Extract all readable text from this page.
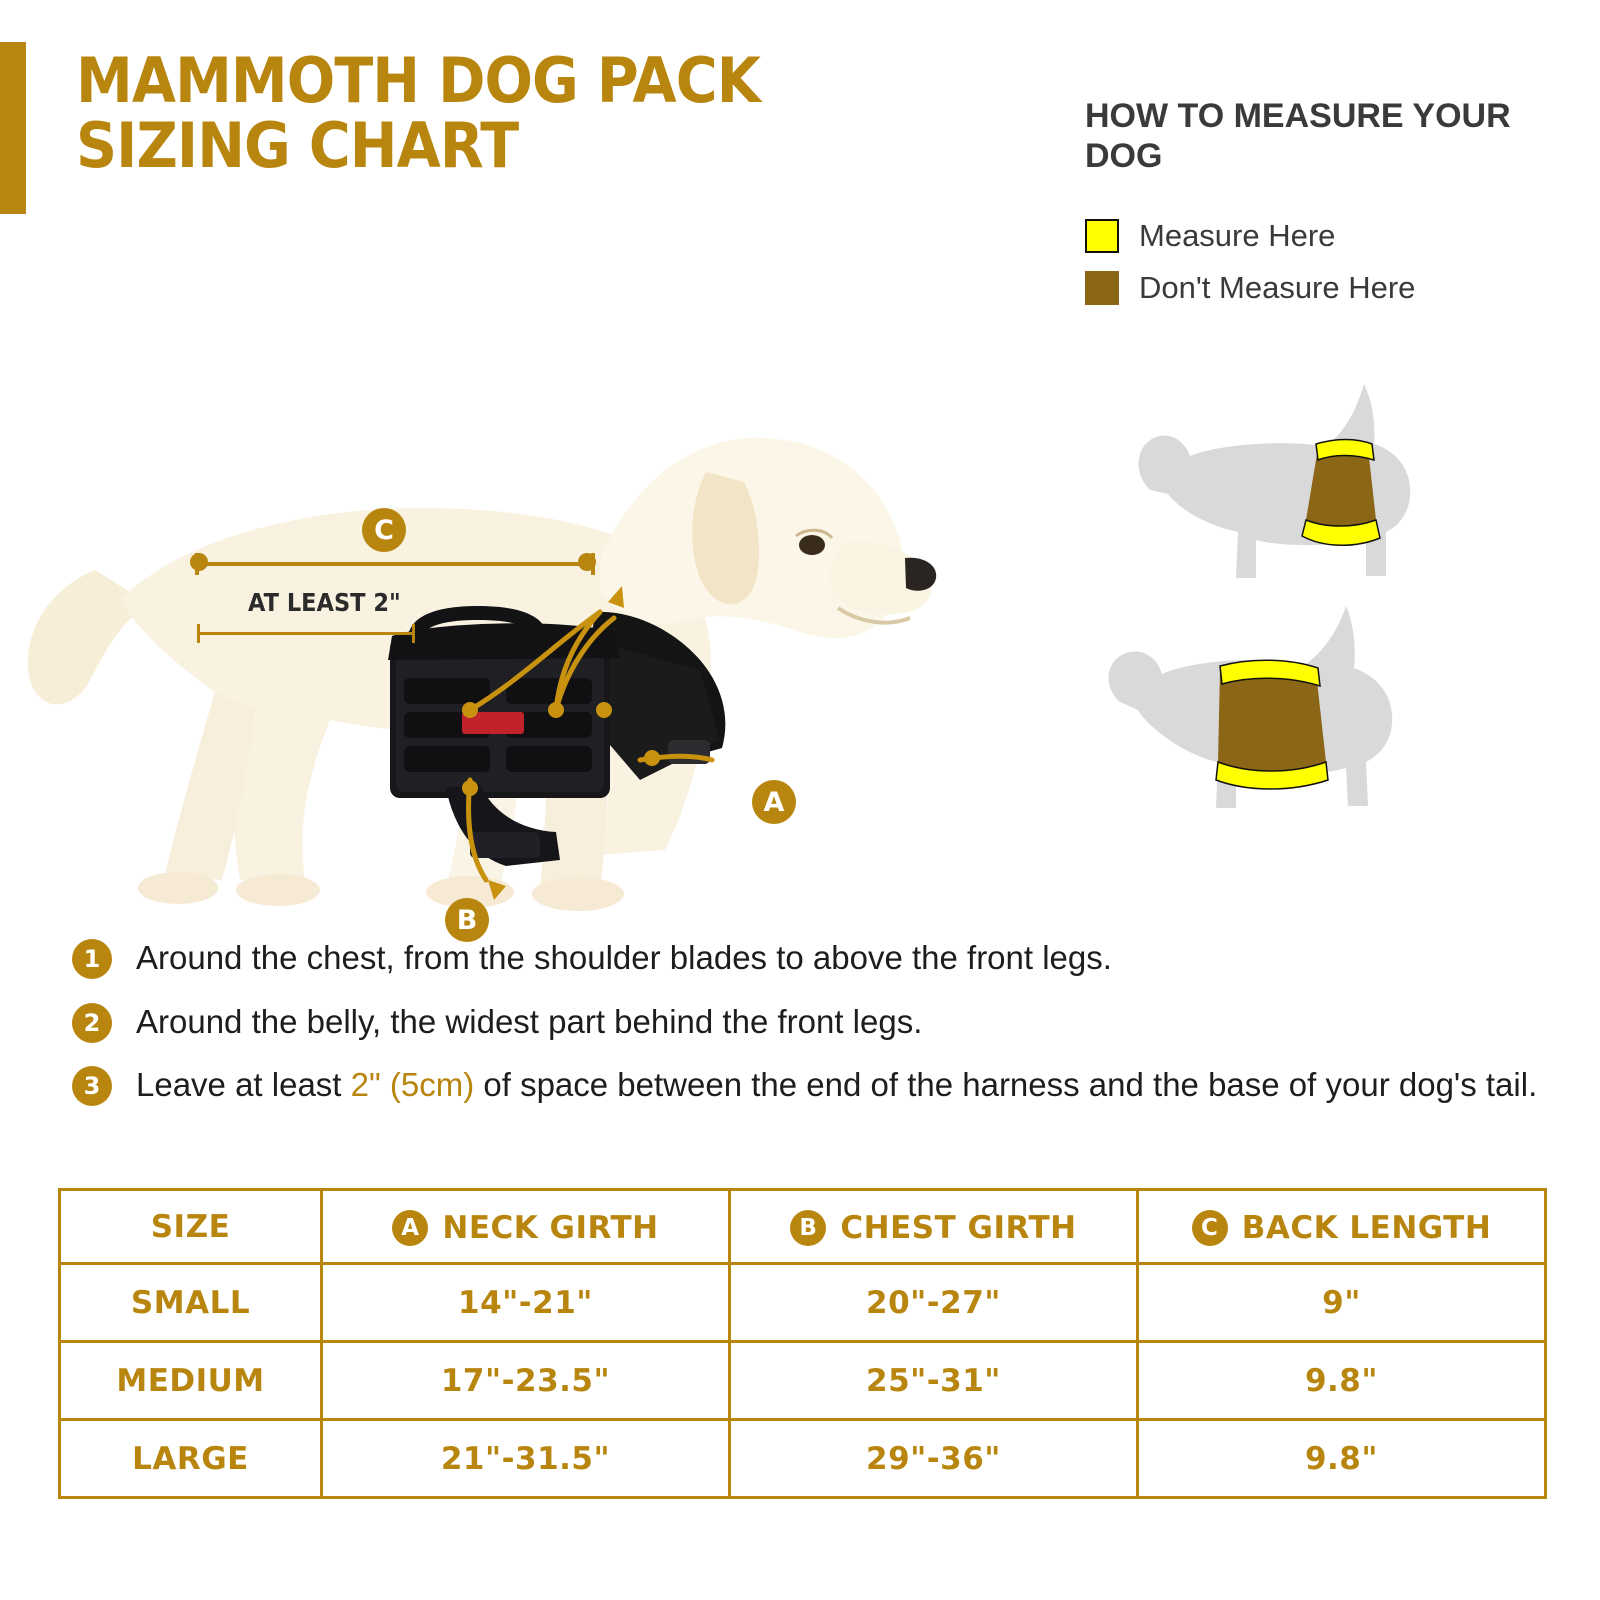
MAMMOTH DOG PACK
SIZING CHART	HOW TO MEASURE YOUR DOG
Measure Here
Don't Measure Here
AT LEAST 2"
C
A
B
1	Around the chest, from the shoulder blades to above the front legs.
2	Around the belly, the widest part behind the front legs.
3	Leave at least 2" (5cm) of space between the end of the harness and the base of your dog's tail.
SIZE	A NECK GIRTH	B CHEST GIRTH	C BACK LENGTH

SMALL	14"-21"	20"-27"	9"
MEDIUM	17"-23.5"	25"-31"	9.8"
LARGE	21"-31.5"	29"-36"	9.8"
